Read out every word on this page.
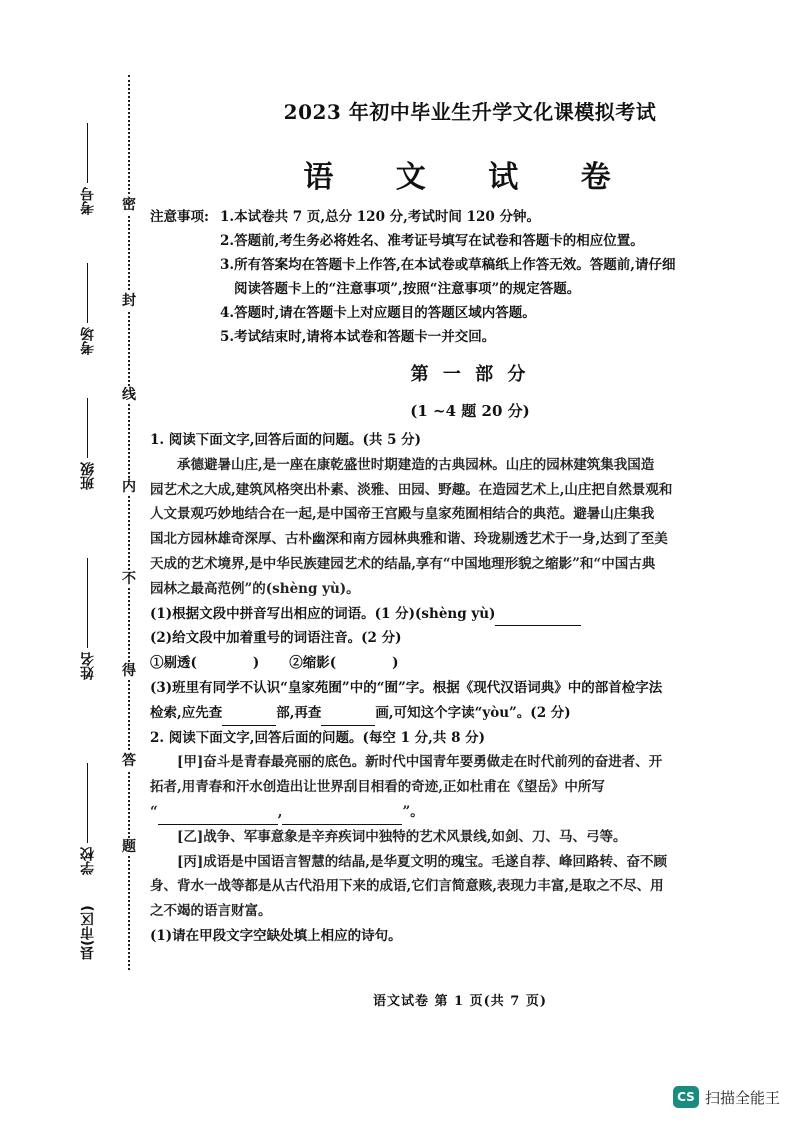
考号
考场
班级
姓名
学校
县(市区)
密
封
线
内
不
得
答
题
2023 年初中毕业生升学文化课模拟考试
语 文 试 卷
注意事项: 1.本试卷共 7 页,总分 120 分,考试时间 120 分钟。
2.答题前,考生务必将姓名、准考证号填写在试卷和答题卡的相应位置。
3.所有答案均在答题卡上作答,在本试卷或草稿纸上作答无效。答题前,请仔细
阅读答题卡上的“注意事项”,按照“注意事项”的规定答题。
4.答题时,请在答题卡上对应题目的答题区域内答题。
5.考试结束时,请将本试卷和答题卡一并交回。
第 一 部 分
(1 ~4 题 20 分)

1. 阅读下面文字,回答后面的问题。(共 5 分)

承德避暑山庄,是一座在康乾盛世时期建造的古典园林。山庄的园林建筑集我国造

园艺术之大成,建筑风格突出朴素、淡雅、田园、野趣。在造园艺术上,山庄把自然景观和

人文景观巧妙地结合在一起,是中国帝王宫殿与皇家苑囿相结合的典范。避暑山庄集我

国北方园林雄奇深厚、古朴幽深和南方园林典雅和谐、玲珑剔透艺术于一身,达到了至美

天成的艺术境界,是中华民族建园艺术的结晶,享有“中国地理形貌之缩影”和“中国古典

园林之最高范例”的(shèng yù)。

(1)根据文段中拼音写出相应的词语。(1 分)(shèng yù)

(2)给文段中加着重号的词语注音。(2 分)

①剔透(	) ②缩影(	)

(3)班里有同学不认识“皇家苑囿”中的“囿”字。根据《现代汉语词典》中的部首检字法

检索,应先查	部,再查	画,可知这个字读“yòu”。(2 分)

2. 阅读下面文字,回答后面的问题。(每空 1 分,共 8 分)

[甲]奋斗是青春最亮丽的底色。新时代中国青年要勇做走在时代前列的奋进者、开

拓者,用青春和汗水创造出让世界刮目相看的奇迹,正如杜甫在《望岳》中所写

“	,	”。

[乙]战争、军事意象是辛弃疾词中独特的艺术风景线,如剑、刀、马、弓等。

[丙]成语是中国语言智慧的结晶,是华夏文明的瑰宝。毛遂自荐、峰回路转、奋不顾

身、背水一战等都是从古代沿用下来的成语,它们言简意赅,表现力丰富,是取之不尽、用

之不竭的语言财富。

(1)请在甲段文字空缺处填上相应的诗句。

语文试卷 第 1 页(共 7 页)
CS 扫描全能王
